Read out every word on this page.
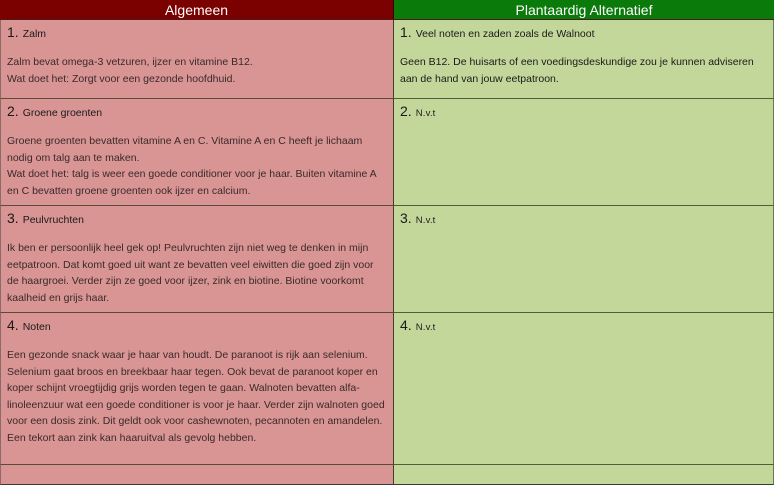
Algemeen	Plantaardig Alternatief
1. Zalm

Zalm bevat omega-3 vetzuren, ijzer en vitamine B12.

Wat doet het: Zorgt voor een gezonde hoofdhuid.

1. Veel noten en zaden zoals de Walnoot

Geen B12. De huisarts of een voedingsdeskundige zou je kunnen adviseren aan de hand van jouw eetpatroon.

2. Groene groenten

Groene groenten bevatten vitamine A en C. Vitamine A en C heeft je lichaam nodig om talg aan te maken.

Wat doet het: talg is weer een goede conditioner voor je haar. Buiten vitamine A en C bevatten groene groenten ook ijzer en calcium.

2. N.v.t
3. Peulvruchten

Ik ben er persoonlijk heel gek op! Peulvruchten zijn niet weg te denken in mijn eetpatroon. Dat komt goed uit want ze bevatten veel eiwitten die goed zijn voor de haargroei. Verder zijn ze goed voor ijzer, zink en biotine. Biotine voorkomt kaalheid en grijs haar.

3. N.v.t
4. Noten

Een gezonde snack waar je haar van houdt. De paranoot is rijk aan selenium. Selenium gaat broos en breekbaar haar tegen. Ook bevat de paranoot koper en koper schijnt vroegtijdig grijs worden tegen te gaan. Walnoten bevatten alfa-linoleenzuur wat een goede conditioner is voor je haar. Verder zijn walnoten goed voor een dosis zink. Dit geldt ook voor cashewnoten, pecannoten en amandelen. Een tekort aan zink kan haaruitval als gevolg hebben.

4. N.v.t
